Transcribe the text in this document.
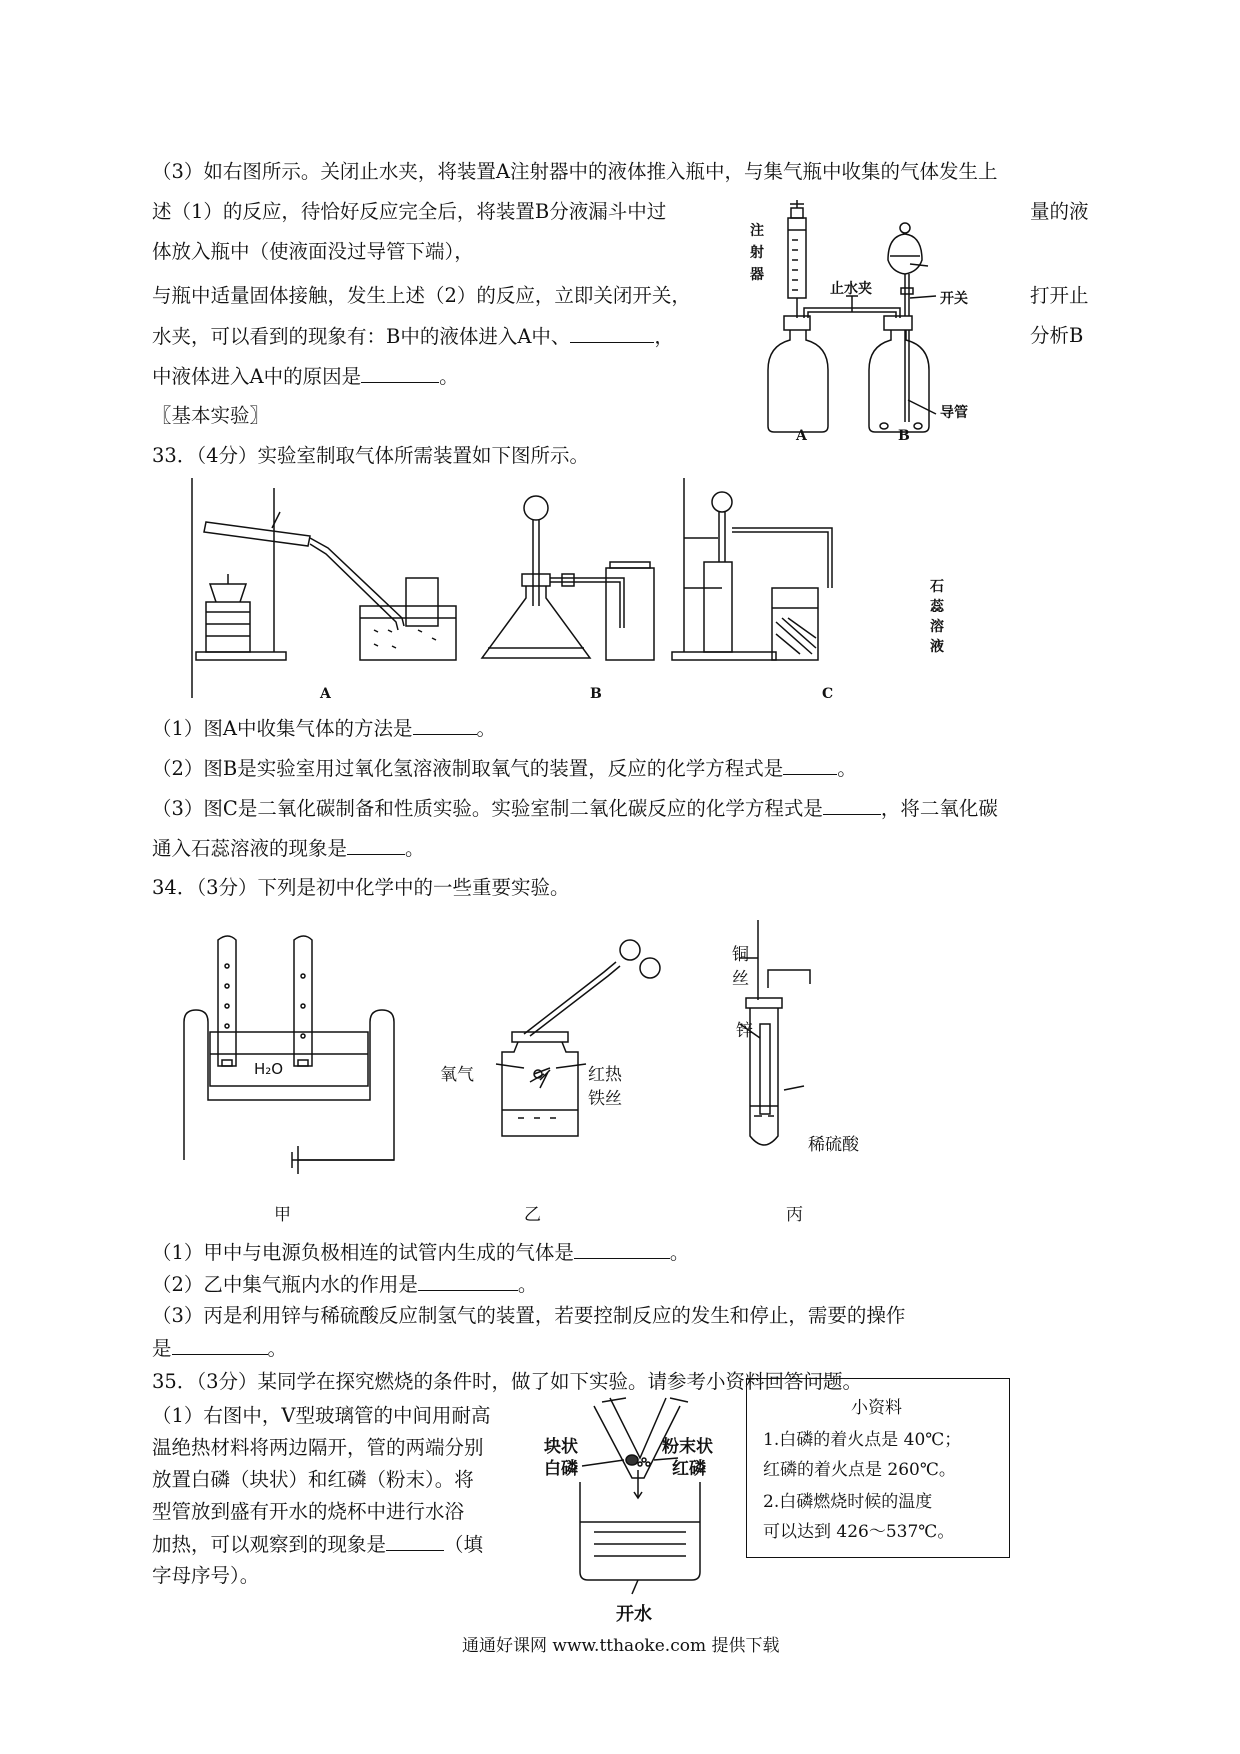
（3）如右图所示。关闭止水夹，将装置A注射器中的液体推入瓶中，与集气瓶中收集的气体发生上
述（1）的反应，待恰好反应完全后，将装置B分液漏斗中过	量的液
体放入瓶中（使液面没过导管下端），
与瓶中适量固体接触，发生上述（2）的反应，立即关闭开关，	打开止
水夹，可以看到的现象有：B中的液体进入A中、	，	分析B
中液体进入A中的原因是	。
注
射
器
止水夹
开关
导管
A	B
〖基本实验〗
33．（4分）实验室制取气体所需装置如下图所示。
A	B	C
石
蕊
溶
液
（1）图A中收集气体的方法是	。
（2）图B是实验室用过氧化氢溶液制取氧气的装置，反应的化学方程式是	。
（3）图C是二氧化碳制备和性质实验。实验室制二氧化碳反应的化学方程式是	，将二氧化碳
通入石蕊溶液的现象是	。
34．（3分）下列是初中化学中的一些重要实验。
H₂O	氧气	红热
铁丝
铜
丝
锌
稀硫酸
甲	乙	丙
（1）甲中与电源负极相连的试管内生成的气体是	。
（2）乙中集气瓶内水的作用是	。
（3）丙是利用锌与稀硫酸反应制氢气的装置，若要控制反应的发生和停止，需要的操作
是	。
35．（3分）某同学在探究燃烧的条件时，做了如下实验。请参考小资料回答问题。
（1）右图中，V型玻璃管的中间用耐高
温绝热材料将两边隔开，管的两端分别
放置白磷（块状）和红磷（粉末）。将
型管放到盛有开水的烧杯中进行水浴
加热，可以观察到的现象是	（填
字母序号）。
块状
白磷
粉末状
红磷
开水
小资料
1.白磷的着火点是 40℃；
红磷的着火点是 260℃。
2.白磷燃烧时候的温度
可以达到 426～537℃。
通通好课网 www.tthaoke.com 提供下载
